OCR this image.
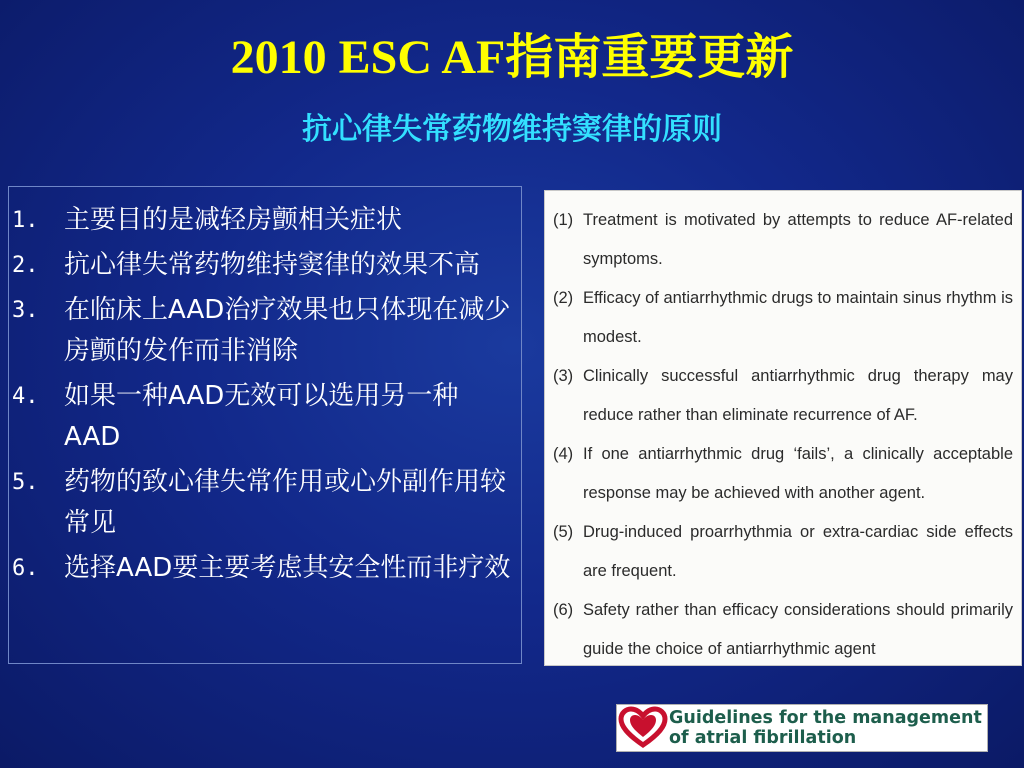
2010 ESC AF指南重要更新
抗心律失常药物维持窦律的原则
1. 主要目的是减轻房颤相关症状
2. 抗心律失常药物维持窦律的效果不高
3. 在临床上AAD治疗效果也只体现在减少房颤的发作而非消除
4. 如果一种AAD无效可以选用另一种AAD
5. 药物的致心律失常作用或心外副作用较常见
6. 选择AAD要主要考虑其安全性而非疗效
(1) Treatment is motivated by attempts to reduce AF-related symptoms.
(2) Efficacy of antiarrhythmic drugs to maintain sinus rhythm is modest.
(3) Clinically successful antiarrhythmic drug therapy may reduce rather than eliminate recurrence of AF.
(4) If one antiarrhythmic drug ‘fails’, a clinically acceptable response may be achieved with another agent.
(5) Drug-induced proarrhythmia or extra-cardiac side effects are frequent.
(6) Safety rather than efficacy considerations should primarily guide the choice of antiarrhythmic agent
Guidelines for the management
of atrial fibrillation
